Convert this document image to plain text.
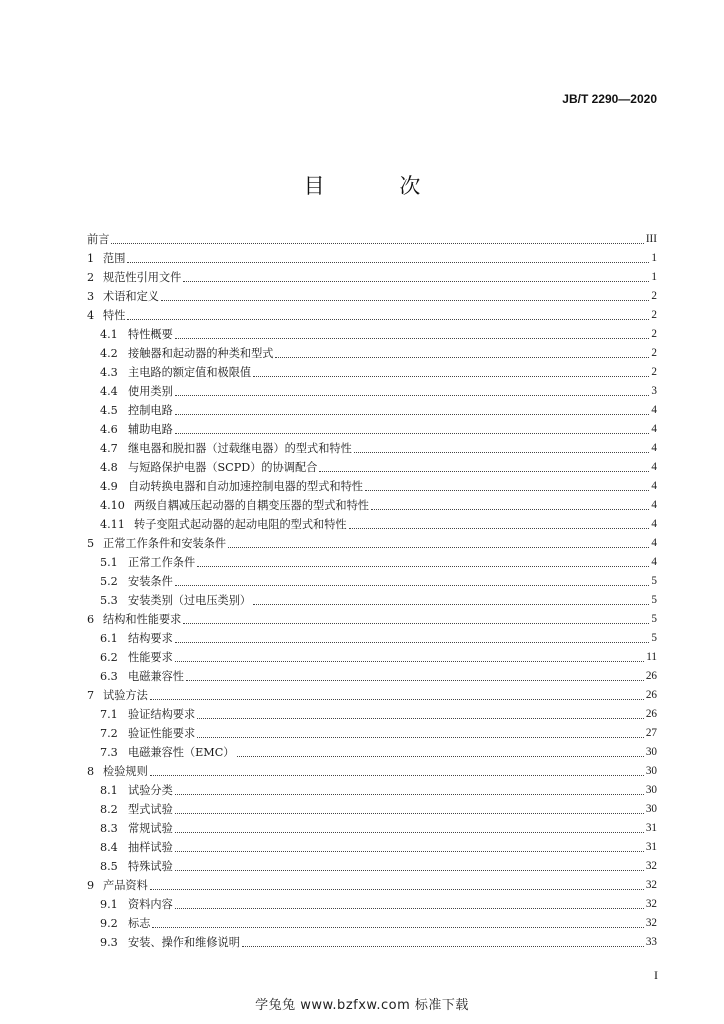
JB/T 2290—2020
目 次
前言	III
1 范围	1
2 规范性引用文件	1
3 术语和定义	2
4 特性	2
4.1 特性概要	2
4.2 接触器和起动器的种类和型式	2
4.3 主电路的额定值和极限值	2
4.4 使用类别	3
4.5 控制电路	4
4.6 辅助电路	4
4.7 继电器和脱扣器（过载继电器）的型式和特性	4
4.8 与短路保护电器（SCPD）的协调配合	4
4.9 自动转换电器和自动加速控制电器的型式和特性	4
4.10 两级自耦减压起动器的自耦变压器的型式和特性	4
4.11 转子变阻式起动器的起动电阻的型式和特性	4
5 正常工作条件和安装条件	4
5.1 正常工作条件	4
5.2 安装条件	5
5.3 安装类别（过电压类别）	5
6 结构和性能要求	5
6.1 结构要求	5
6.2 性能要求	11
6.3 电磁兼容性	26
7 试验方法	26
7.1 验证结构要求	26
7.2 验证性能要求	27
7.3 电磁兼容性（EMC）	30
8 检验规则	30
8.1 试验分类	30
8.2 型式试验	30
8.3 常规试验	31
8.4 抽样试验	31
8.5 特殊试验	32
9 产品资料	32
9.1 资料内容	32
9.2 标志	32
9.3 安装、操作和维修说明	33
I
学兔兔 www.bzfxw.com 标准下载
